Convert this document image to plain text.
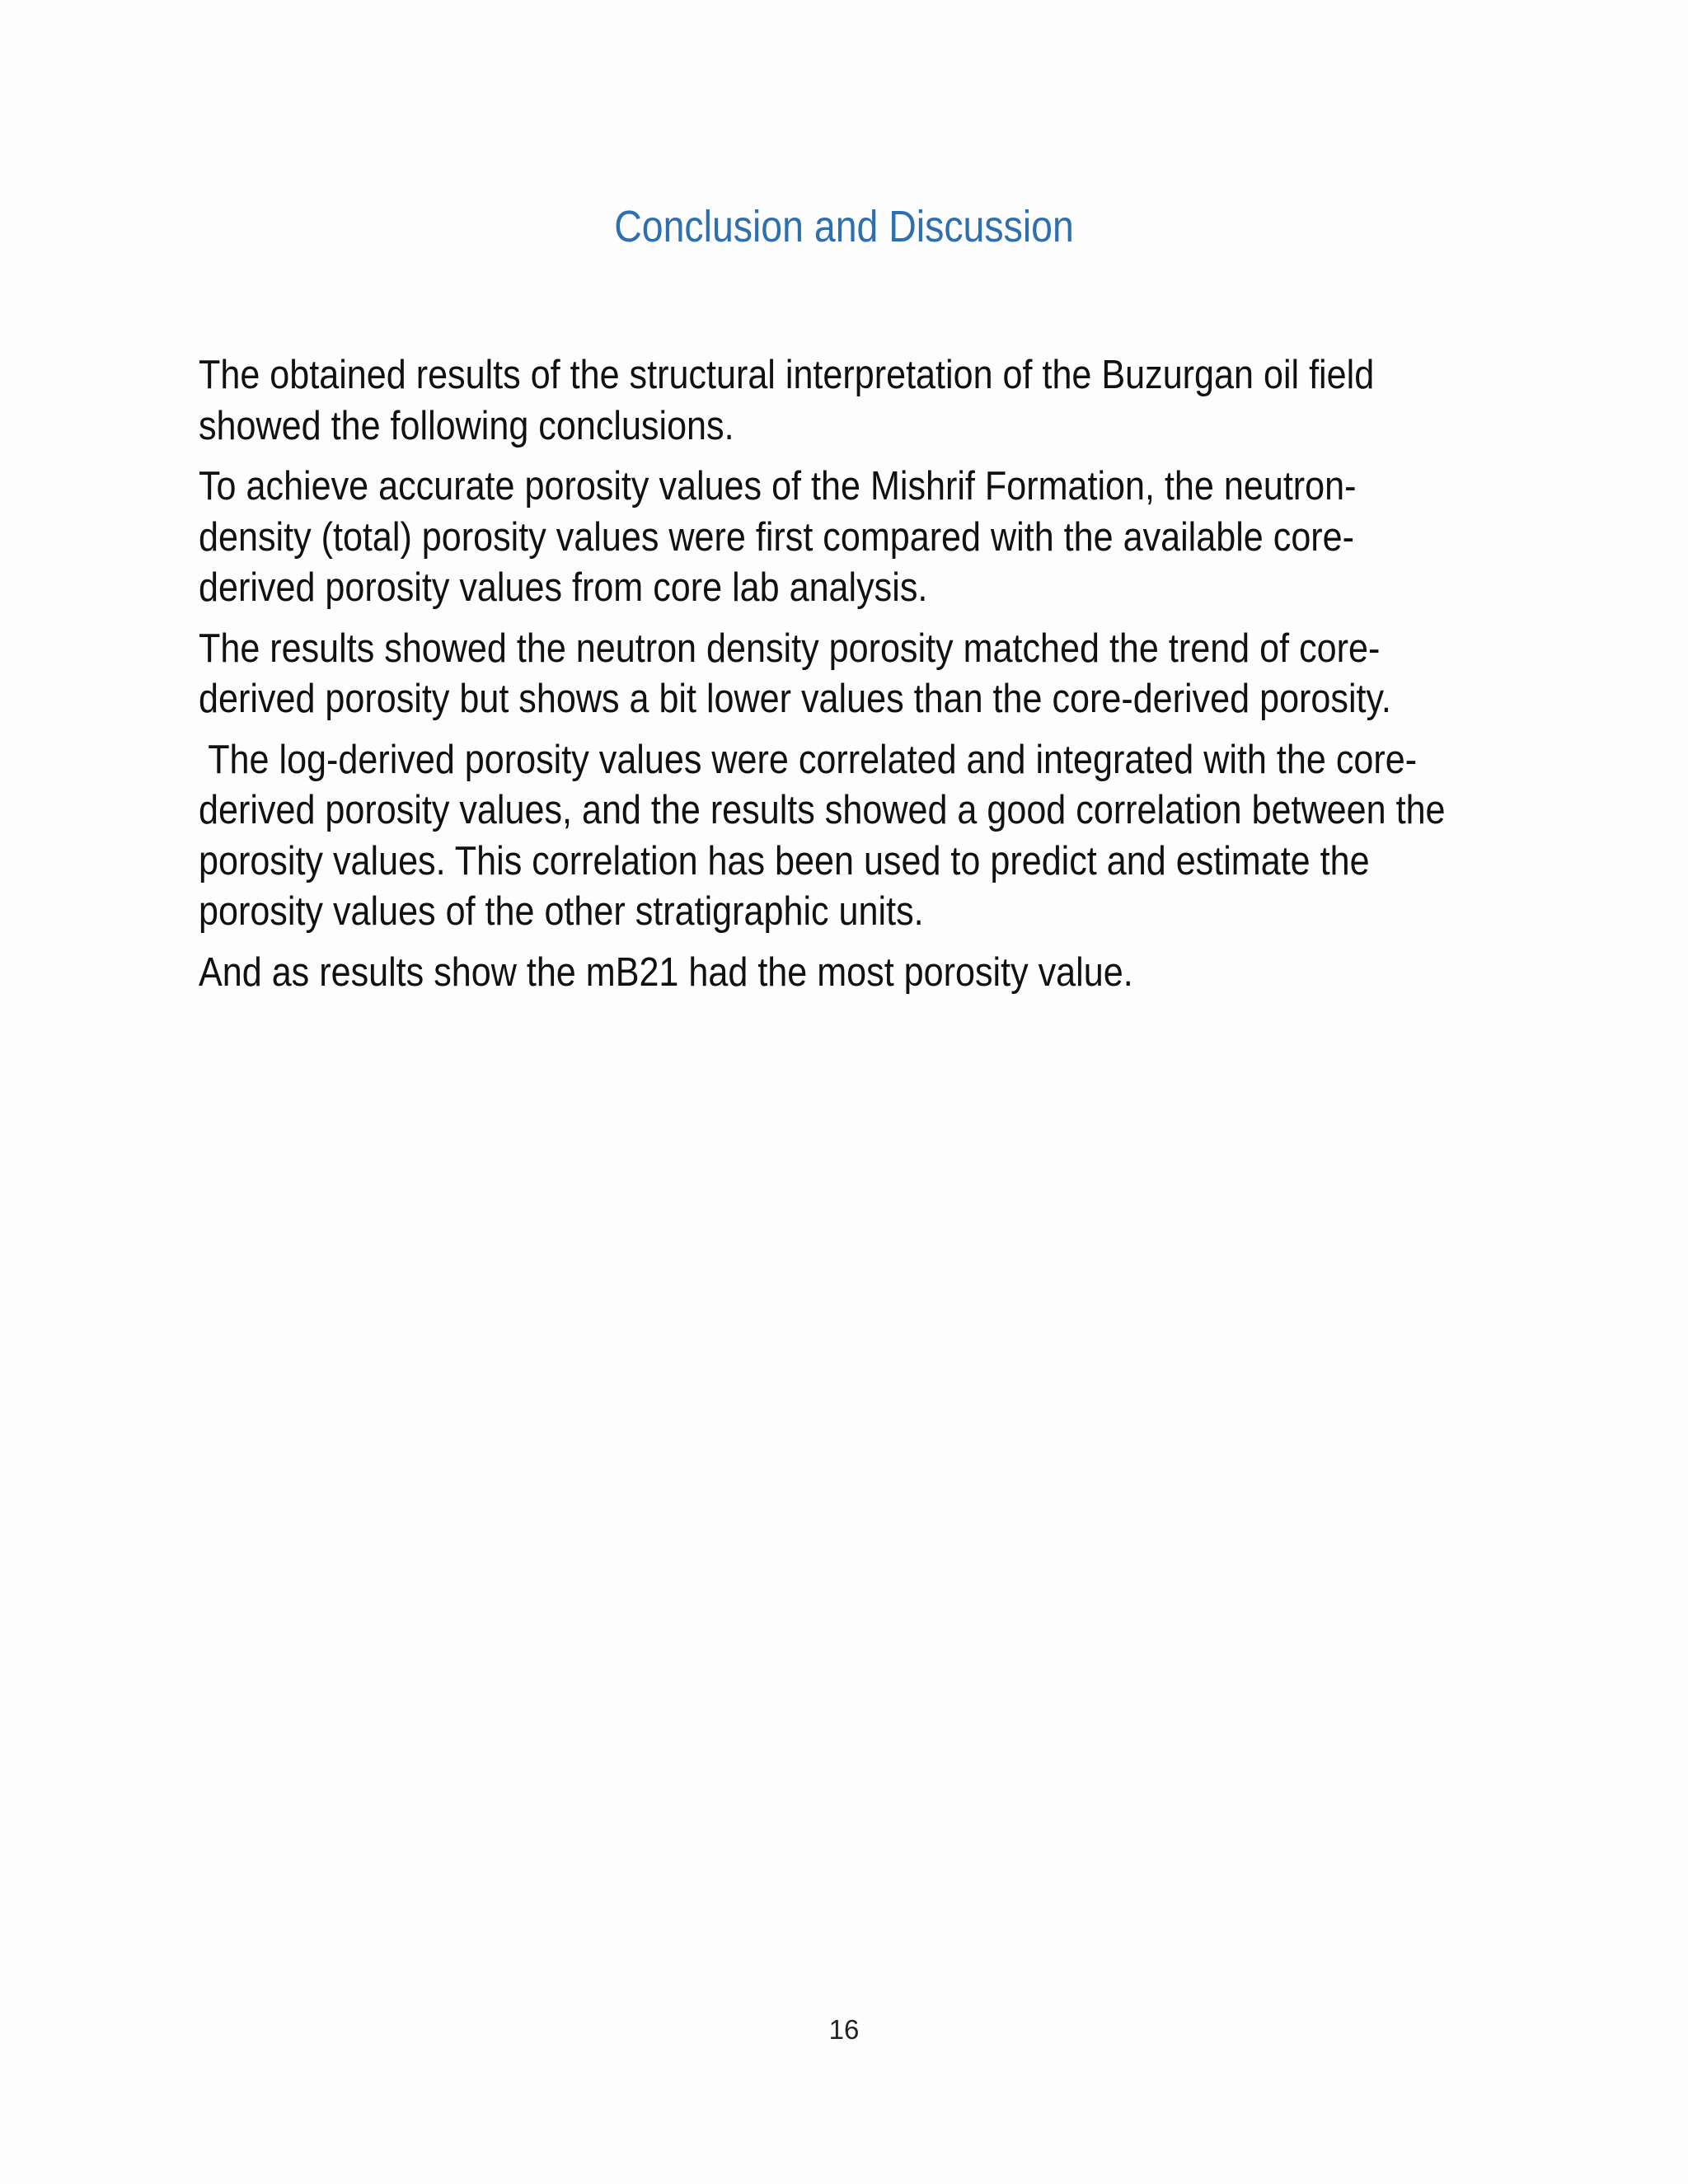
Conclusion and Discussion

The obtained results of the structural interpretation of the Buzurgan oil field
showed the following conclusions.

To achieve accurate porosity values of the Mishrif Formation, the neutron-
density (total) porosity values were first compared with the available core-
derived porosity values from core lab analysis.

The results showed the neutron density porosity matched the trend of core-
derived porosity but shows a bit lower values than the core-derived porosity.

The log-derived porosity values were correlated and integrated with the core-
derived porosity values, and the results showed a good correlation between the
porosity values. This correlation has been used to predict and estimate the
porosity values of the other stratigraphic units.

And as results show the mB21 had the most porosity value.

16
